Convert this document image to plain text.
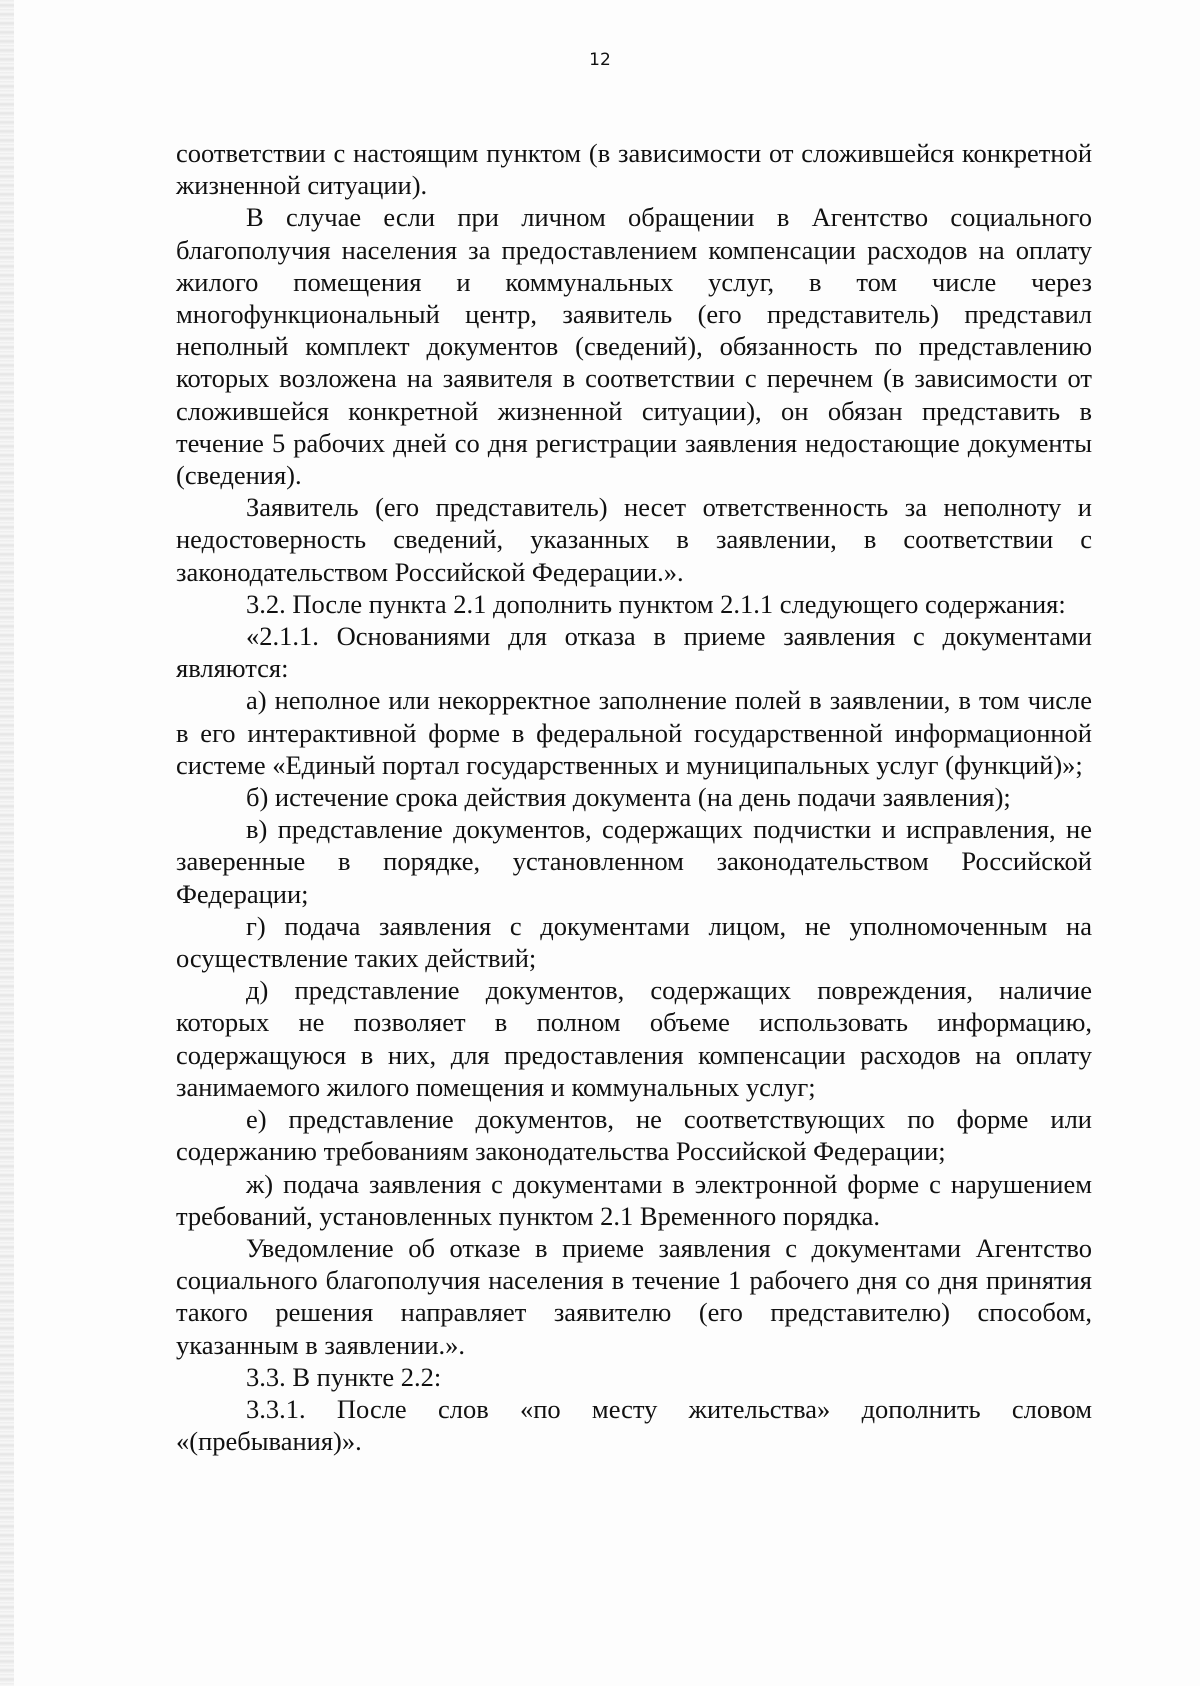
12

соответствии с настоящим пунктом (в зависимости от сложившейся конкретной жизненной ситуации).

В случае если при личном обращении в Агентство социального благополучия населения за предоставлением компенсации расходов на оплату жилого помещения и коммунальных услуг, в том числе через многофункциональный центр, заявитель (его представитель) представил неполный комплект документов (сведений), обязанность по представлению которых возложена на заявителя в соответствии с перечнем (в зависимости от сложившейся конкретной жизненной ситуации), он обязан представить в течение 5 рабочих дней со дня регистрации заявления недостающие документы (сведения).

Заявитель (его представитель) несет ответственность за неполноту и недостоверность сведений, указанных в заявлении, в соответствии с законодательством Российской Федерации.».

3.2. После пункта 2.1 дополнить пунктом 2.1.1 следующего содержания:

«2.1.1. Основаниями для отказа в приеме заявления с документами являются:

а) неполное или некорректное заполнение полей в заявлении, в том числе в его интерактивной форме в федеральной государственной информационной системе «Единый портал государственных и муниципальных услуг (функций)»;

б) истечение срока действия документа (на день подачи заявления);

в) представление документов, содержащих подчистки и исправления, не заверенные в порядке, установленном законодательством Российской Федерации;

г) подача заявления с документами лицом, не уполномоченным на осуществление таких действий;

д) представление документов, содержащих повреждения, наличие которых не позволяет в полном объеме использовать информацию, содержащуюся в них, для предоставления компенсации расходов на оплату занимаемого жилого помещения и коммунальных услуг;

е) представление документов, не соответствующих по форме или содержанию требованиям законодательства Российской Федерации;

ж) подача заявления с документами в электронной форме с нарушением требований, установленных пунктом 2.1 Временного порядка.

Уведомление об отказе в приеме заявления с документами Агентство социального благополучия населения в течение 1 рабочего дня со дня принятия такого решения направляет заявителю (его представителю) способом, указанным в заявлении.».

3.3. В пункте 2.2:

3.3.1. После слов «по месту жительства» дополнить словом «(пребывания)».
